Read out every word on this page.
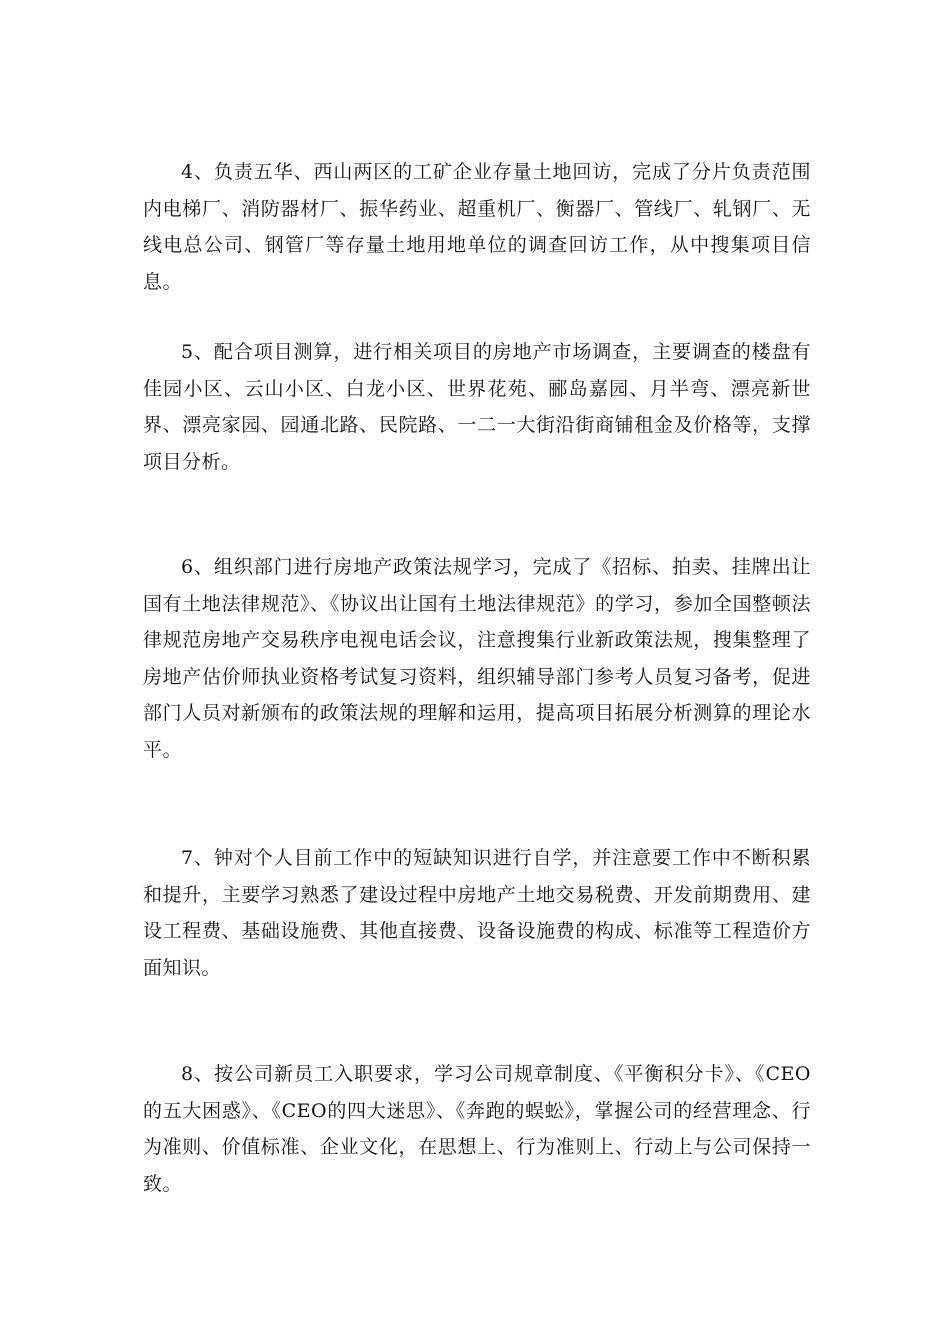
4、负责五华、西山两区的工矿企业存量土地回访，完成了分片负责范围内电梯厂、消防器材厂、振华药业、超重机厂、衡器厂、管线厂、轧钢厂、无线电总公司、钢管厂等存量土地用地单位的调查回访工作，从中搜集项目信息。

5、配合项目测算，进行相关项目的房地产市场调查，主要调查的楼盘有佳园小区、云山小区、白龙小区、世界花苑、郦岛嘉园、月半弯、漂亮新世界、漂亮家园、园通北路、民院路、一二一大街沿街商铺租金及价格等，支撑项目分析。

6、组织部门进行房地产政策法规学习，完成了《招标、拍卖、挂牌出让国有土地法律规范》、《协议出让国有土地法律规范》的学习，参加全国整顿法律规范房地产交易秩序电视电话会议，注意搜集行业新政策法规，搜集整理了房地产估价师执业资格考试复习资料，组织辅导部门参考人员复习备考，促进部门人员对新颁布的政策法规的理解和运用，提高项目拓展分析测算的理论水平。

7、钟对个人目前工作中的短缺知识进行自学，并注意要工作中不断积累和提升，主要学习熟悉了建设过程中房地产土地交易税费、开发前期费用、建设工程费、基础设施费、其他直接费、设备设施费的构成、标准等工程造价方面知识。

8、按公司新员工入职要求，学习公司规章制度、《平衡积分卡》、《CEO的五大困惑》、《CEO的四大迷思》、《奔跑的蜈蚣》，掌握公司的经营理念、行为准则、价值标准、企业文化，在思想上、行为准则上、行动上与公司保持一致。
